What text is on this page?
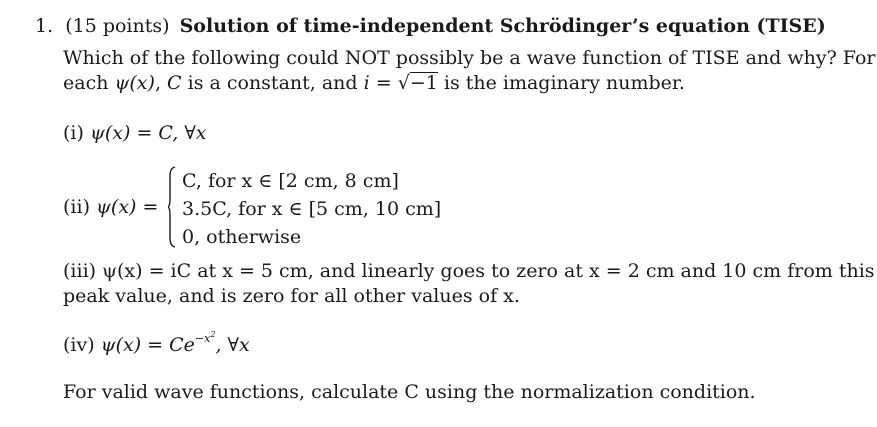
1. (15 points) Solution of time-independent Schrödinger’s equation (TISE)
Which of the following could NOT possibly be a wave function of TISE and why? For
each ψ(x), C is a constant, and i = √−1 is the imaginary number.
(i) ψ(x) = C, ∀x
(ii) ψ(x) =
C, for x ∈ [2 cm, 8 cm]
3.5C, for x ∈ [5 cm, 10 cm]
0, otherwise
(iii) ψ(x) = iC at x = 5 cm, and linearly goes to zero at x = 2 cm and 10 cm from this
peak value, and is zero for all other values of x.
(iv) $\psi(x) = Ce^{-x^2}$, ∀x
For valid wave functions, calculate C using the normalization condition.
